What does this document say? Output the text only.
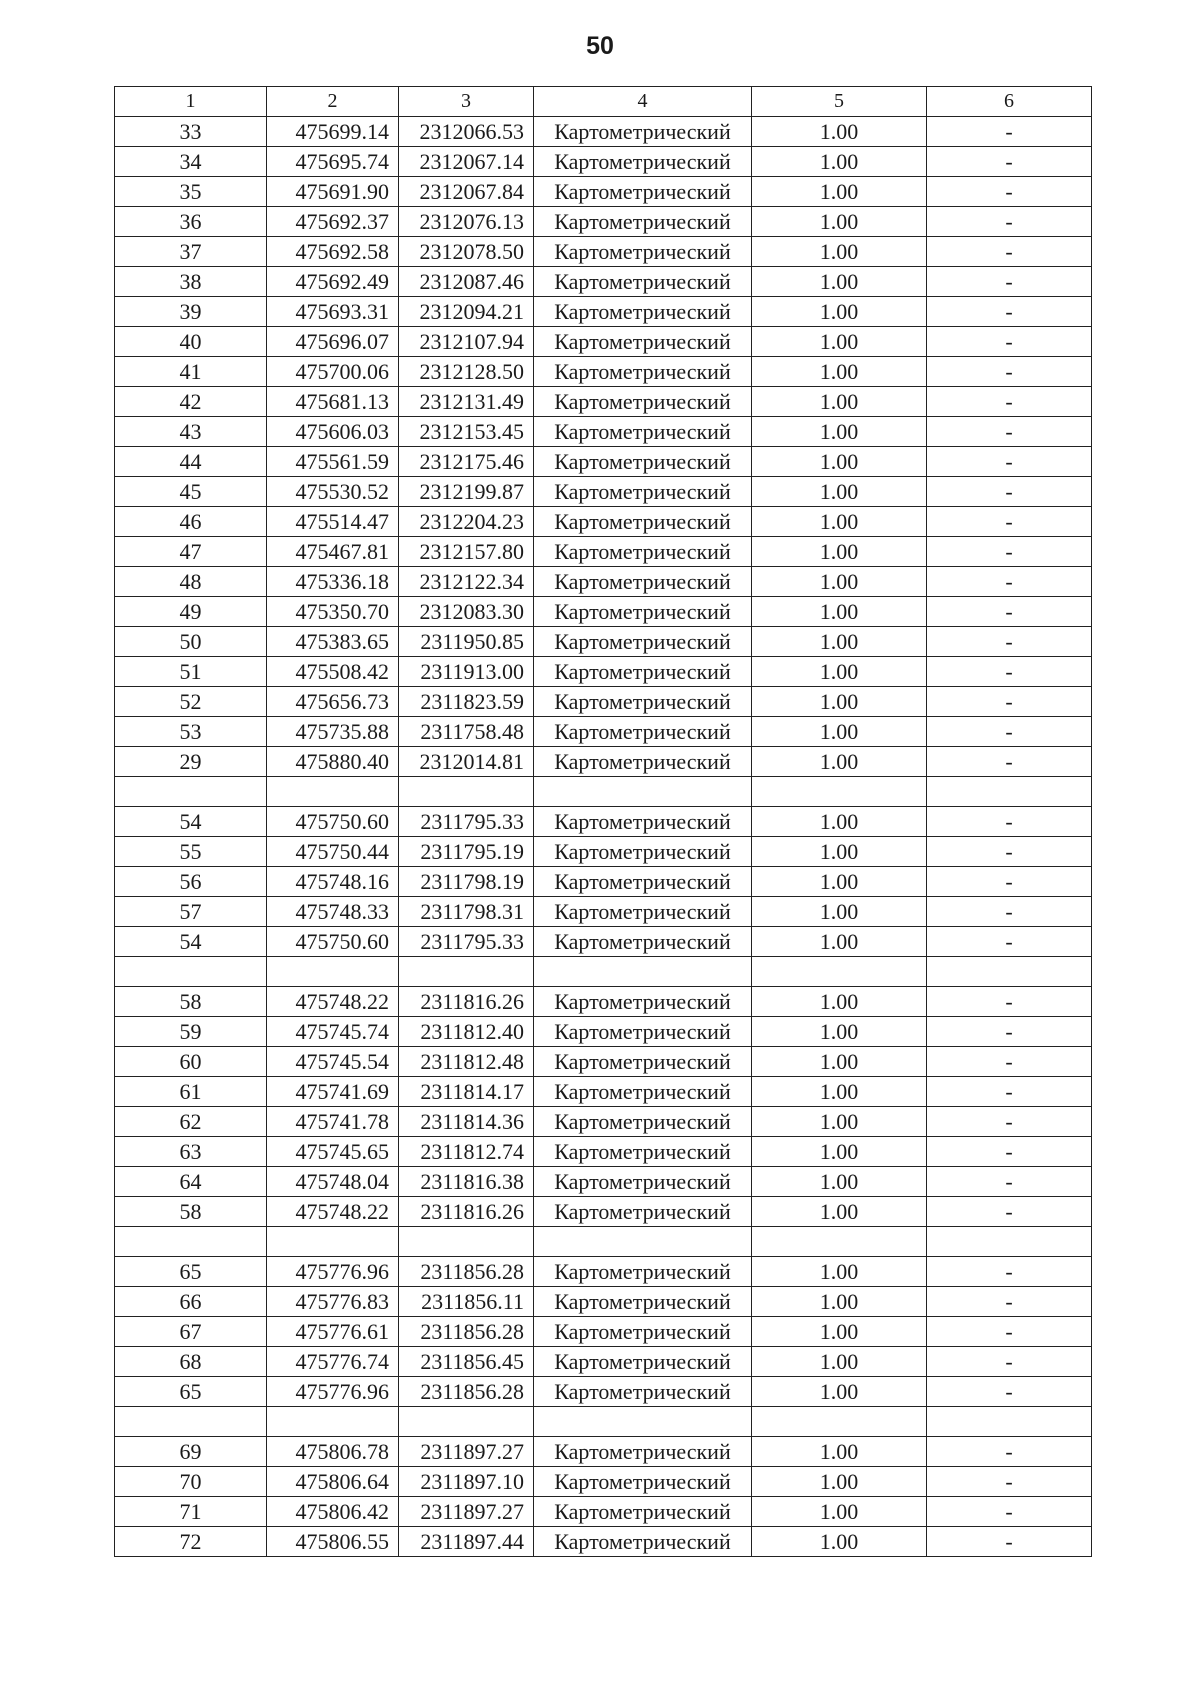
50
1	2	3	4	5	6
33	475699.14	2312066.53	Картометрический	1.00	-
34	475695.74	2312067.14	Картометрический	1.00	-
35	475691.90	2312067.84	Картометрический	1.00	-
36	475692.37	2312076.13	Картометрический	1.00	-
37	475692.58	2312078.50	Картометрический	1.00	-
38	475692.49	2312087.46	Картометрический	1.00	-
39	475693.31	2312094.21	Картометрический	1.00	-
40	475696.07	2312107.94	Картометрический	1.00	-
41	475700.06	2312128.50	Картометрический	1.00	-
42	475681.13	2312131.49	Картометрический	1.00	-
43	475606.03	2312153.45	Картометрический	1.00	-
44	475561.59	2312175.46	Картометрический	1.00	-
45	475530.52	2312199.87	Картометрический	1.00	-
46	475514.47	2312204.23	Картометрический	1.00	-
47	475467.81	2312157.80	Картометрический	1.00	-
48	475336.18	2312122.34	Картометрический	1.00	-
49	475350.70	2312083.30	Картометрический	1.00	-
50	475383.65	2311950.85	Картометрический	1.00	-
51	475508.42	2311913.00	Картометрический	1.00	-
52	475656.73	2311823.59	Картометрический	1.00	-
53	475735.88	2311758.48	Картометрический	1.00	-
29	475880.40	2312014.81	Картометрический	1.00	-

54	475750.60	2311795.33	Картометрический	1.00	-
55	475750.44	2311795.19	Картометрический	1.00	-
56	475748.16	2311798.19	Картометрический	1.00	-
57	475748.33	2311798.31	Картометрический	1.00	-
54	475750.60	2311795.33	Картометрический	1.00	-

58	475748.22	2311816.26	Картометрический	1.00	-
59	475745.74	2311812.40	Картометрический	1.00	-
60	475745.54	2311812.48	Картометрический	1.00	-
61	475741.69	2311814.17	Картометрический	1.00	-
62	475741.78	2311814.36	Картометрический	1.00	-
63	475745.65	2311812.74	Картометрический	1.00	-
64	475748.04	2311816.38	Картометрический	1.00	-
58	475748.22	2311816.26	Картометрический	1.00	-

65	475776.96	2311856.28	Картометрический	1.00	-
66	475776.83	2311856.11	Картометрический	1.00	-
67	475776.61	2311856.28	Картометрический	1.00	-
68	475776.74	2311856.45	Картометрический	1.00	-
65	475776.96	2311856.28	Картометрический	1.00	-

69	475806.78	2311897.27	Картометрический	1.00	-
70	475806.64	2311897.10	Картометрический	1.00	-
71	475806.42	2311897.27	Картометрический	1.00	-
72	475806.55	2311897.44	Картометрический	1.00	-
